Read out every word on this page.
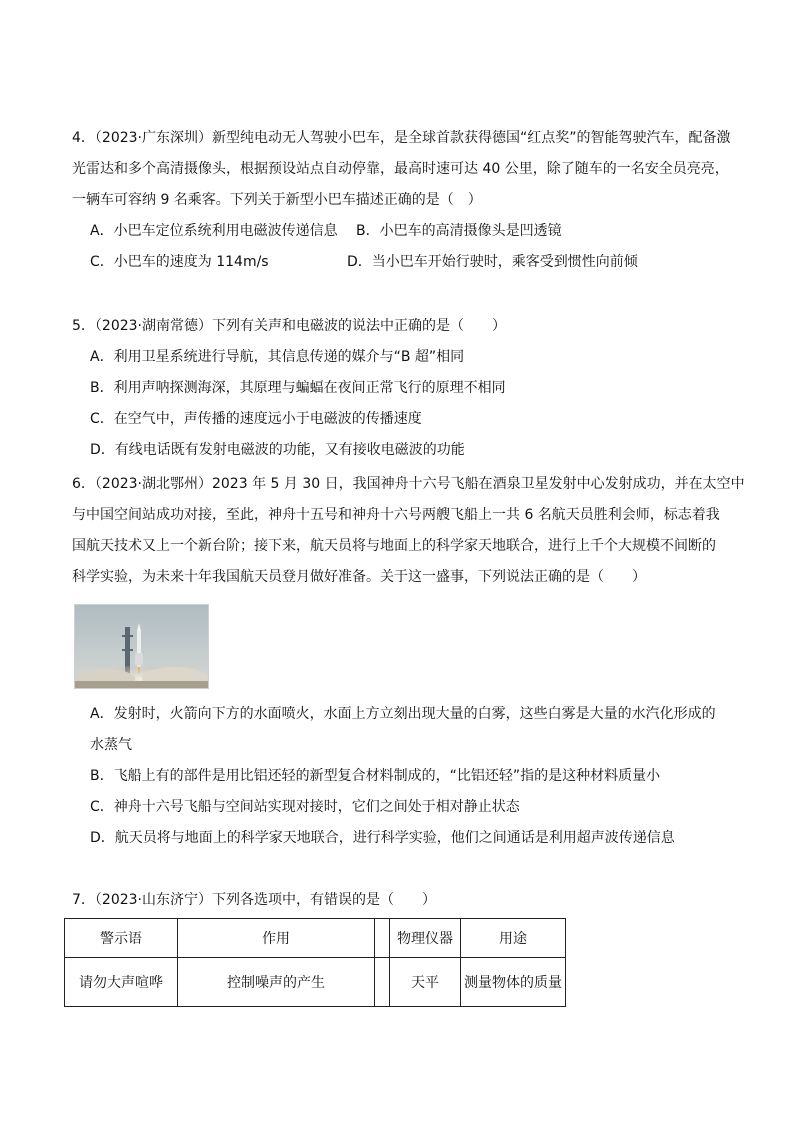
4．（2023·广东深圳）新型纯电动无人驾驶小巴车，是全球首款获得德国“红点奖”的智能驾驶汽车，配备激
光雷达和多个高清摄像头，根据预设站点自动停靠，最高时速可达 40 公里，除了随车的一名安全员亮亮，
一辆车可容纳 9 名乘客。下列关于新型小巴车描述正确的是（　）
A．小巴车定位系统利用电磁波传递信息 B．小巴车的高清摄像头是凹透镜
C．小巴车的速度为 114m/s	D．当小巴车开始行驶时，乘客受到惯性向前倾
5．（2023·湖南常德）下列有关声和电磁波的说法中正确的是（　　）
A．利用卫星系统进行导航，其信息传递的媒介与“B 超”相同
B．利用声呐探测海深，其原理与蝙蝠在夜间正常飞行的原理不相同
C．在空气中，声传播的速度远小于电磁波的传播速度
D．有线电话既有发射电磁波的功能，又有接收电磁波的功能
6．（2023·湖北鄂州）2023 年 5 月 30 日，我国神舟十六号飞船在酒泉卫星发射中心发射成功，并在太空中
与中国空间站成功对接，至此，神舟十五号和神舟十六号两艘飞船上一共 6 名航天员胜利会师，标志着我
国航天技术又上一个新台阶；接下来，航天员将与地面上的科学家天地联合，进行上千个大规模不间断的
科学实验，为未来十年我国航天员登月做好准备。关于这一盛事，下列说法正确的是（　　）
A．发射时，火箭向下方的水面喷火，水面上方立刻出现大量的白雾，这些白雾是大量的水汽化形成的
水蒸气
B．飞船上有的部件是用比铝还轻的新型复合材料制成的，“比铝还轻”指的是这种材料质量小
C．神舟十六号飞船与空间站实现对接时，它们之间处于相对静止状态
D．航天员将与地面上的科学家天地联合，进行科学实验，他们之间通话是利用超声波传递信息
7．（2023·山东济宁）下列各选项中，有错误的是（　　）
警示语	作用		物理仪器	用途
请勿大声喧哗	控制噪声的产生		天平	测量物体的质量
